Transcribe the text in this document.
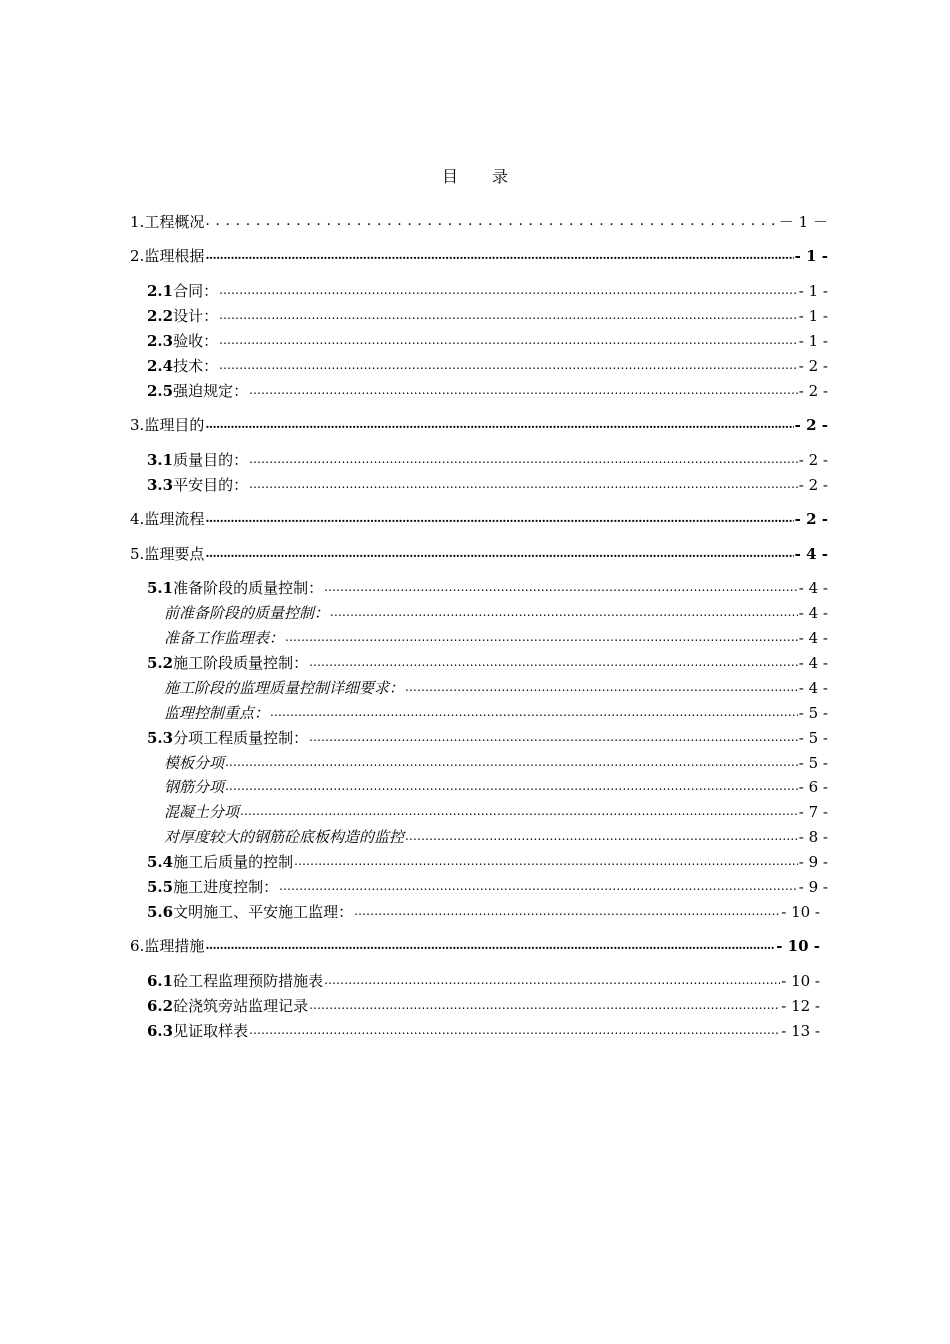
目 录
1. 工程概况 . . .	－ 1 －
2. 监理根据 .....	- 1 -
2.1 合同： .....	- 1 -
2.2 设计： .....	- 1 -
2.3 验收： .....	- 1 -
2.4 技术： .....	- 2 -
2.5 强迫规定： .....	- 2 -
3. 监理目的 .....	- 2 -
3.1 质量目的： .....	- 2 -
3.3 平安目的： .....	- 2 -
4. 监理流程 .....	- 2 -
5. 监理要点 .....	- 4 -
5.1 准备阶段的质量控制： .....	- 4 -
前准备阶段的质量控制： .....	- 4 -
准备工作监理表： .....	- 4 -
5.2 施工阶段质量控制： .....	- 4 -
施工阶段的监理质量控制详细要求： .....	- 4 -
监理控制重点： .....	- 5 -
5.3 分项工程质量控制： .....	- 5 -
模板分项 .....	- 5 -
钢筋分项 .....	- 6 -
混凝土分项 .....	- 7 -
对厚度较大的钢筋砼底板构造的监控 .....	- 8 -
5.4 施工后质量的控制 .....	- 9 -
5.5 施工进度控制： .....	- 9 -
5.6 文明施工、平安施工监理： .....	- 10 -
6. 监理措施 .....	- 10 -
6.1 砼工程监理预防措施表 .....	- 10 -
6.2 砼浇筑旁站监理记录 .....	- 12 -
6.3 见证取样表 .....	- 13 -
